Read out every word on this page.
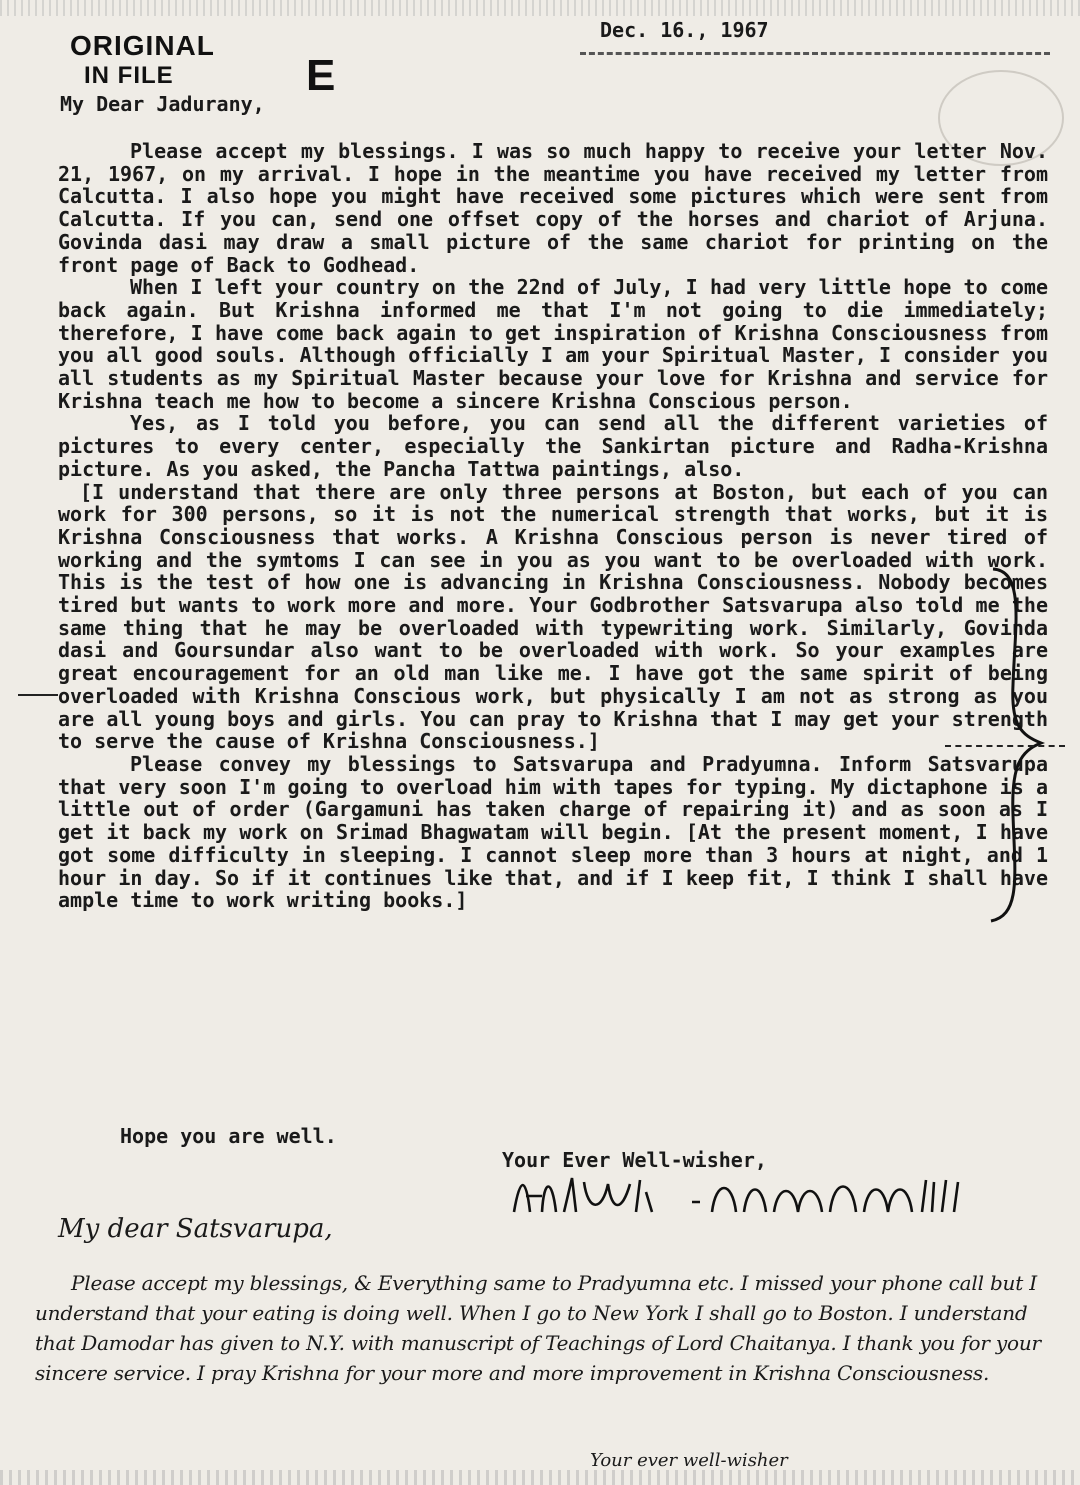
ORIGINAL
IN FILE	E
Dec. 16., 1967
My Dear Jadurany,

Please accept my blessings. I was so much happy to receive your letter Nov. 21, 1967, on my arrival. I hope in the meantime you have received my letter from Calcutta. I also hope you might have received some pictures which were sent from Calcutta. If you can, send one offset copy of the horses and chariot of Arjuna. Govinda dasi may draw a small picture of the same chariot for printing on the front page of Back to Godhead.

When I left your country on the 22nd of July, I had very little hope to come back again. But Krishna informed me that I'm not going to die immediately; therefore, I have come back again to get inspiration of Krishna Consciousness from you all good souls. Although officially I am your Spiritual Master, I consider you all students as my Spiritual Master because your love for Krishna and service for Krishna teach me how to become a sincere Krishna Conscious person.

Yes, as I told you before, you can send all the different varieties of pictures to every center, especially the Sankirtan picture and Radha-Krishna picture. As you asked, the Pancha Tattwa paintings, also.

[I understand that there are only three persons at Boston, but each of you can work for 300 persons, so it is not the numerical strength that works, but it is Krishna Consciousness that works. A Krishna Conscious person is never tired of working and the symtoms I can see in you as you want to be overloaded with work. This is the test of how one is advancing in Krishna Consciousness. Nobody becomes tired but wants to work more and more. Your Godbrother Satsvarupa also told me the same thing that he may be overloaded with typewriting work. Similarly, Govinda dasi and Goursundar also want to be overloaded with work. So your examples are great encouragement for an old man like me. I have got the same spirit of being overloaded with Krishna Conscious work, but physically I am not as strong as you are all young boys and girls. You can pray to Krishna that I may get your strength to serve the cause of Krishna Consciousness.]

Please convey my blessings to Satsvarupa and Pradyumna. Inform Satsvarupa that very soon I'm going to overload him with tapes for typing. My dictaphone is a little out of order (Gargamuni has taken charge of repairing it) and as soon as I get it back my work on Srimad Bhagwatam will begin. [At the present moment, I have got some difficulty in sleeping. I cannot sleep more than 3 hours at night, and 1 hour in day. So if it continues like that, and if I keep fit, I think I shall have ample time to work writing books.]

Hope you are well.
Your Ever Well-wisher,
My dear Satsvarupa,
Please accept my blessings, & Everything same to Pradyumna etc. I missed your phone call but I understand that your eating is doing well. When I go to New York I shall go to Boston. I understand that Damodar has given to N.Y. with manuscript of Teachings of Lord Chaitanya. I thank you for your sincere service. I pray Krishna for your more and more improvement in Krishna Consciousness.
Your ever well-wisher
